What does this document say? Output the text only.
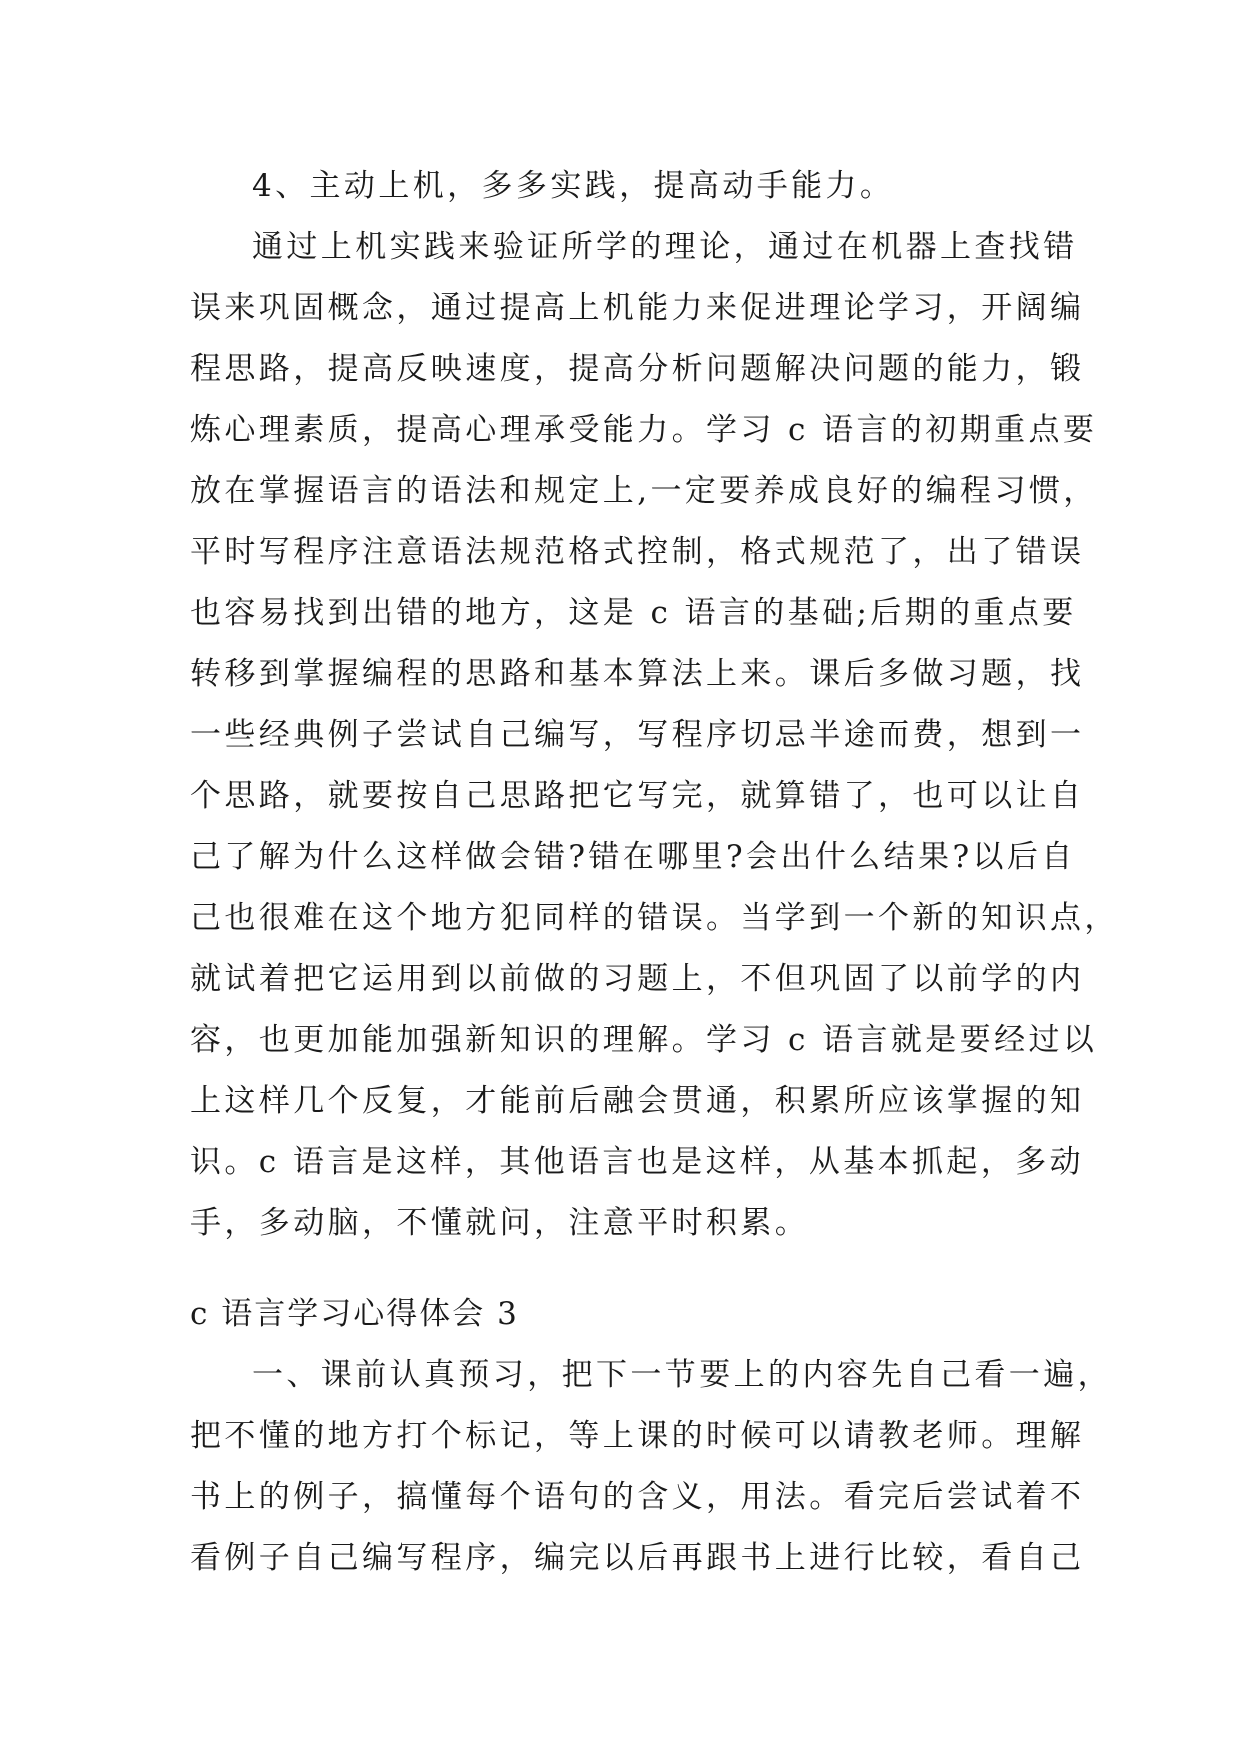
4、主动上机，多多实践，提高动手能力。
通过上机实践来验证所学的理论，通过在机器上查找错
误来巩固概念，通过提高上机能力来促进理论学习，开阔编
程思路，提高反映速度，提高分析问题解决问题的能力，锻
炼心理素质，提高心理承受能力。学习 c 语言的初期重点要
放在掌握语言的语法和规定上,一定要养成良好的编程习惯，
平时写程序注意语法规范格式控制，格式规范了，出了错误
也容易找到出错的地方，这是 c 语言的基础;后期的重点要
转移到掌握编程的思路和基本算法上来。课后多做习题，找
一些经典例子尝试自己编写，写程序切忌半途而费，想到一
个思路，就要按自己思路把它写完，就算错了，也可以让自
己了解为什么这样做会错?错在哪里?会出什么结果?以后自
己也很难在这个地方犯同样的错误。当学到一个新的知识点，
就试着把它运用到以前做的习题上，不但巩固了以前学的内
容，也更加能加强新知识的理解。学习 c 语言就是要经过以
上这样几个反复，才能前后融会贯通，积累所应该掌握的知
识。c 语言是这样，其他语言也是这样，从基本抓起，多动
手，多动脑，不懂就问，注意平时积累。
c 语言学习心得体会 3
一、课前认真预习，把下一节要上的内容先自己看一遍，
把不懂的地方打个标记，等上课的时候可以请教老师。理解
书上的例子，搞懂每个语句的含义，用法。看完后尝试着不
看例子自己编写程序，编完以后再跟书上进行比较，看自己
